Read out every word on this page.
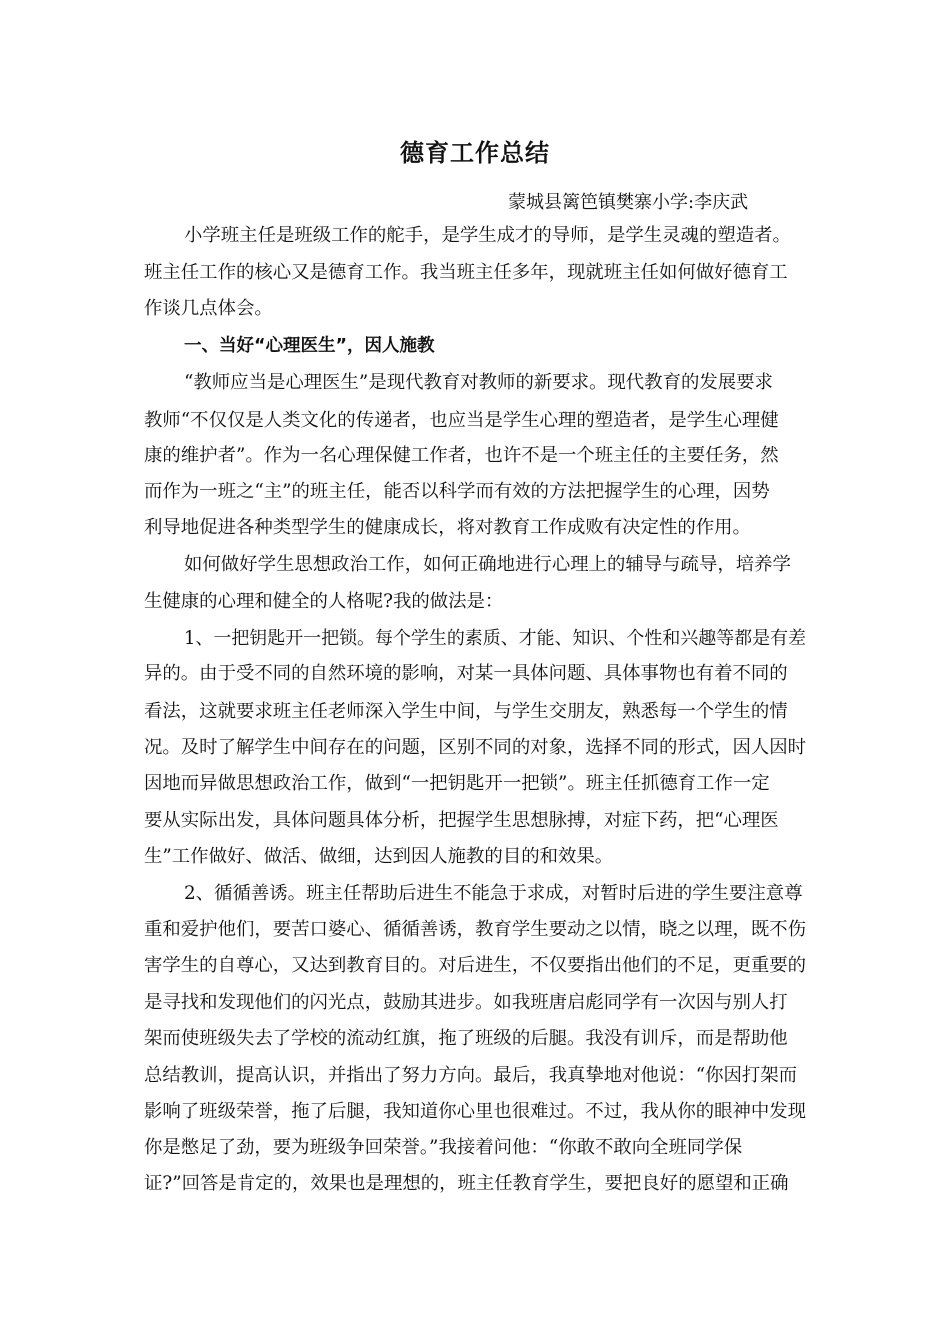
德育工作总结
蒙城县篱笆镇樊寨小学:李庆武
小学班主任是班级工作的舵手，是学生成才的导师，是学生灵魂的塑造者。
班主任工作的核心又是德育工作。我当班主任多年，现就班主任如何做好德育工
作谈几点体会。
一、当好“心理医生”，因人施教
“教师应当是心理医生”是现代教育对教师的新要求。现代教育的发展要求
教师“不仅仅是人类文化的传递者，也应当是学生心理的塑造者，是学生心理健
康的维护者”。作为一名心理保健工作者，也许不是一个班主任的主要任务，然
而作为一班之“主”的班主任，能否以科学而有效的方法把握学生的心理，因势
利导地促进各种类型学生的健康成长，将对教育工作成败有决定性的作用。
如何做好学生思想政治工作，如何正确地进行心理上的辅导与疏导，培养学
生健康的心理和健全的人格呢?我的做法是：
1、一把钥匙开一把锁。每个学生的素质、才能、知识、个性和兴趣等都是有差
异的。由于受不同的自然环境的影响，对某一具体问题、具体事物也有着不同的
看法，这就要求班主任老师深入学生中间，与学生交朋友，熟悉每一个学生的情
况。及时了解学生中间存在的问题，区别不同的对象，选择不同的形式，因人因时
因地而异做思想政治工作，做到“一把钥匙开一把锁”。班主任抓德育工作一定
要从实际出发，具体问题具体分析，把握学生思想脉搏，对症下药，把“心理医
生”工作做好、做活、做细，达到因人施教的目的和效果。
2、循循善诱。班主任帮助后进生不能急于求成，对暂时后进的学生要注意尊
重和爱护他们，要苦口婆心、循循善诱，教育学生要动之以情，晓之以理，既不伤
害学生的自尊心，又达到教育目的。对后进生，不仅要指出他们的不足，更重要的
是寻找和发现他们的闪光点，鼓励其进步。如我班唐启彪同学有一次因与别人打
架而使班级失去了学校的流动红旗，拖了班级的后腿。我没有训斥，而是帮助他
总结教训，提高认识，并指出了努力方向。最后，我真挚地对他说：“你因打架而
影响了班级荣誉，拖了后腿，我知道你心里也很难过。不过，我从你的眼神中发现
你是憋足了劲，要为班级争回荣誉。”我接着问他：“你敢不敢向全班同学保
证?”回答是肯定的，效果也是理想的，班主任教育学生，要把良好的愿望和正确
